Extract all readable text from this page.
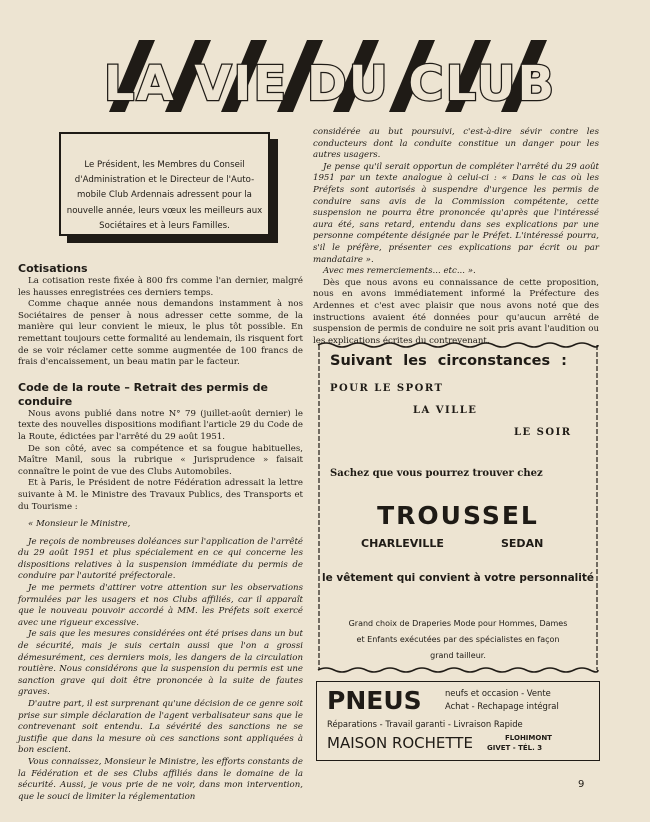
LA VIE DU CLUB
Le Président, les Membres du Conseil
d'Administration et le Directeur de l'Auto-
mobile Club Ardennais adressent pour la
nouvelle année, leurs vœux les meilleurs aux
Sociétaires et à leurs Familles.
Cotisations

La cotisation reste fixée à 800 frs comme l'an dernier, malgré les hausses enregistrées ces derniers temps.

Comme chaque année nous demandons instamment à nos Sociétaires de penser à nous adresser cette somme, de la manière qui leur convient le mieux, le plus tôt possible. En remettant toujours cette formalité au lendemain, ils risquent fort de se voir réclamer cette somme augmentée de 100 francs de frais d'encaissement, un beau matin par le facteur.

Code de la route – Retrait des permis de conduire

Nous avons publié dans notre N° 79 (juillet-août dernier) le texte des nouvelles dispositions modifiant l'article 29 du Code de la Route, édictées par l'arrêté du 29 août 1951.

De son côté, avec sa compétence et sa fougue habituelles, Maître Manil, sous la rubrique « Jurisprudence » faisait connaître le point de vue des Clubs Automobiles.

Et à Paris, le Président de notre Fédération adressait la lettre suivante à M. le Ministre des Travaux Publics, des Transports et du Tourisme :

« Monsieur le Ministre,

Je reçois de nombreuses doléances sur l'application de l'arrêté du 29 août 1951 et plus spécialement en ce qui concerne les dispositions relatives à la suspension immédiate du permis de conduire par l'autorité préfectorale.

Je me permets d'attirer votre attention sur les observations formulées par les usagers et nos Clubs affiliés, car il apparaît que le nouveau pouvoir accordé à MM. les Préfets soit exercé avec une rigueur excessive.

Je sais que les mesures considérées ont été prises dans un but de sécurité, mais je suis certain aussi que l'on a grossi démesurément, ces derniers mois, les dangers de la circulation routière. Nous considérons que la suspension du permis est une sanction grave qui doit être prononcée à la suite de fautes graves.

D'autre part, il est surprenant qu'une décision de ce genre soit prise sur simple déclaration de l'agent verbalisateur sans que le contrevenant soit entendu. La sévérité des sanctions ne se justifie que dans la mesure où ces sanctions sont appliquées à bon escient.

Vous connaissez, Monsieur le Ministre, les efforts constants de la Fédération et de ses Clubs affiliés dans le domaine de la sécurité. Aussi, je vous prie de ne voir, dans mon intervention, que le souci de limiter la réglementation

considérée au but poursuivi, c'est-à-dire sévir contre les conducteurs dont la conduite constitue un danger pour les autres usagers.

Je pense qu'il serait opportun de compléter l'arrêté du 29 août 1951 par un texte analogue à celui-ci : « Dans le cas où les Préfets sont autorisés à suspendre d'urgence les permis de conduire sans avis de la Commission compétente, cette suspension ne pourra être prononcée qu'après que l'intéressé aura été, sans retard, entendu dans ses explications par une personne compétente désignée par le Préfet. L'intéressé pourra, s'il le préfère, présenter ces explications par écrit ou par mandataire ».

Avec mes remerciements... etc... ».

Dès que nous avons eu connaissance de cette proposition, nous en avons immédiatement informé la Préfecture des Ardennes et c'est avec plaisir que nous avons noté que des instructions avaient été données pour qu'aucun arrêté de suspension de permis de conduire ne soit pris avant l'audition ou les explications écrites du contrevenant.

Suivant les circonstances :
POUR LE SPORT
LA VILLE
LE SOIR
Sachez que vous pourrez trouver chez
TROUSSEL
CHARLEVILLE	SEDAN
le vêtement qui convient à votre personnalité
Grand choix de Draperies Mode pour Hommes, Dames
et Enfants exécutées par des spécialistes en façon
grand tailleur.
PNEUS	neufs et occasion - Vente
Achat - Rechapage intégral
Réparations - Travail garanti - Livraison Rapide
MAISON ROCHETTE	FLOHIMONT
GIVET - TÉL. 3
9
